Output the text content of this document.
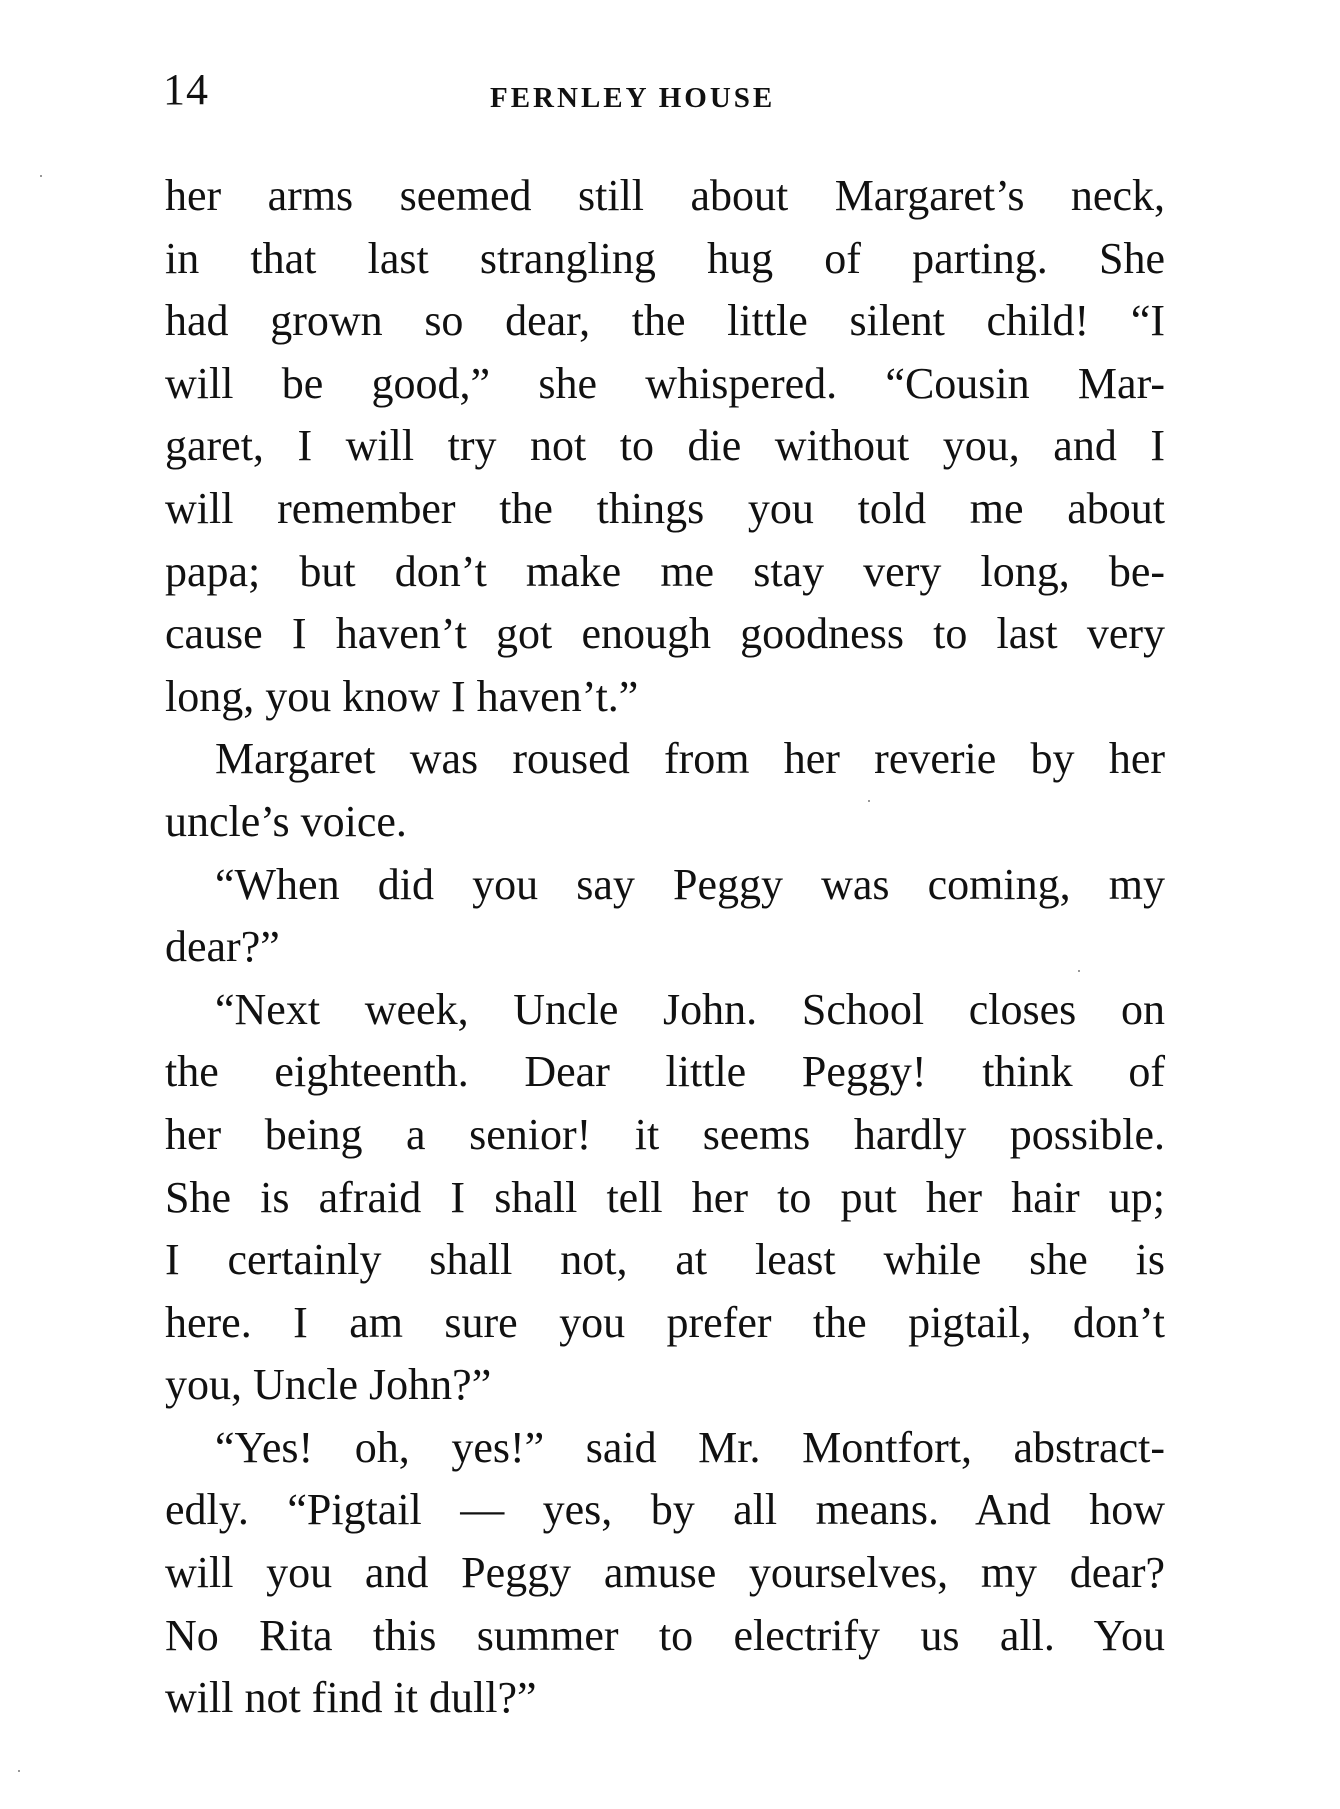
14	FERNLEY HOUSE
her arms seemed still about Margaret’s neck,
in that last strangling hug of parting. She
had grown so dear, the little silent child! “I
will be good,” she whispered. “Cousin Mar-
garet, I will try not to die without you, and I
will remember the things you told me about
papa; but don’t make me stay very long, be-
cause I haven’t got enough goodness to last very
long, you know I haven’t.”
Margaret was roused from her reverie by her
uncle’s voice.
“When did you say Peggy was coming, my
dear?”
“Next week, Uncle John. School closes on
the eighteenth. Dear little Peggy! think of
her being a senior! it seems hardly possible.
She is afraid I shall tell her to put her hair up;
I certainly shall not, at least while she is
here. I am sure you prefer the pigtail, don’t
you, Uncle John?”
“Yes! oh, yes!” said Mr. Montfort, abstract-
edly. “Pigtail — yes, by all means. And how
will you and Peggy amuse yourselves, my dear?
No Rita this summer to electrify us all. You
will not find it dull?”
